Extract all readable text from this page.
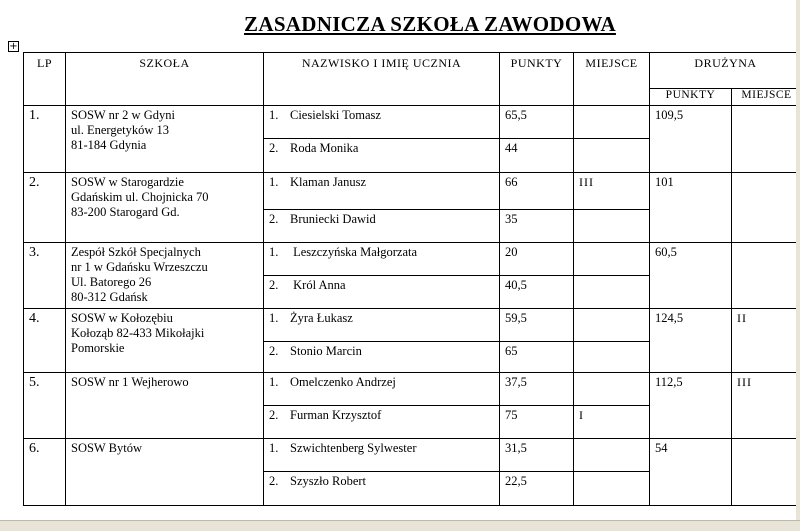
ZASADNICZA SZKOŁA ZAWODOWA
+
LP	SZKOŁA	NAZWISKO I IMIĘ UCZNIA	PUNKTY	MIEJSCE	DRUŻYNA	
					PUNKTY	MIEJSCE
1.	SOSW nr 2 w Gdyni
ul. Energetyków 13
81-184 Gdynia	1. Ciesielski Tomasz	65,5		109,5	
		2. Roda Monika	44			
2.	SOSW w Starogardzie
Gdańskim ul. Chojnicka 70
83-200 Starogard Gd.	1. Klaman Janusz	66	III	101	
		2. Bruniecki Dawid	35			
3.	Zespół Szkół Specjalnych
nr 1 w Gdańsku Wrzeszczu
Ul. Batorego 26
80-312 Gdańsk	1. Leszczyńska Małgorzata	20		60,5	
		2. Król Anna	40,5			
4.	SOSW w Kołozębiu
Kołoząb 82-433 Mikołajki
Pomorskie	1. Żyra Łukasz	59,5		124,5	II
		2. Stonio Marcin	65			
5.	SOSW nr 1 Wejherowo	1. Omelczenko Andrzej	37,5		112,5	III
		2. Furman Krzysztof	75	I		
6.	SOSW Bytów	1. Szwichtenberg Sylwester	31,5		54	
		2. Szyszło Robert	22,5			
